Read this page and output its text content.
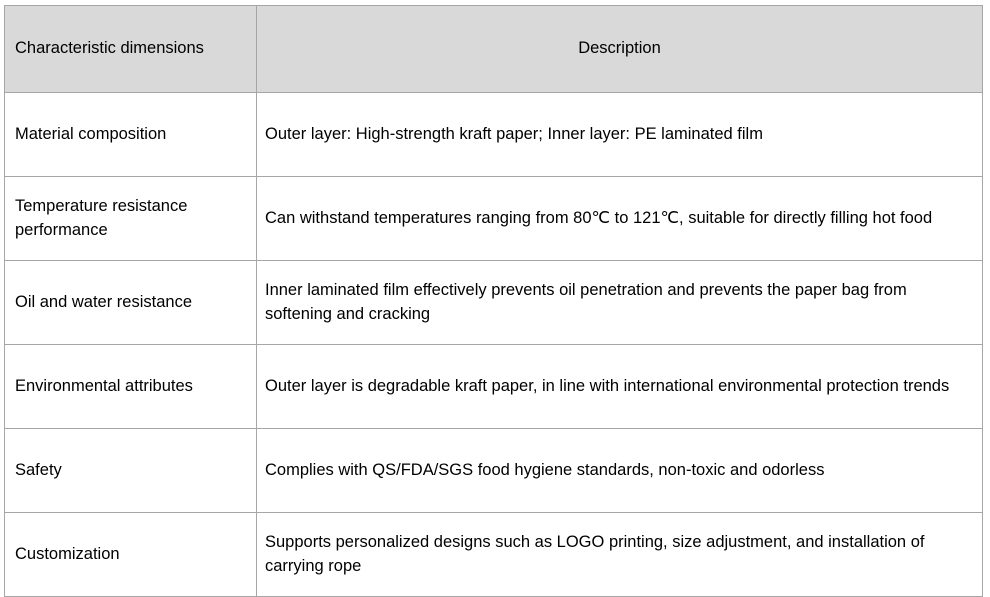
Characteristic dimensions	Description
Material composition	Outer layer: High-strength kraft paper; Inner layer: PE laminated film
Temperature resistance performance	Can withstand temperatures ranging from 80℃ to 121℃, suitable for directly filling hot food
Oil and water resistance	Inner laminated film effectively prevents oil penetration and prevents the paper bag from softening and cracking
Environmental attributes	Outer layer is degradable kraft paper, in line with international environmental protection trends
Safety	Complies with QS/FDA/SGS food hygiene standards, non-toxic and odorless
Customization	Supports personalized designs such as LOGO printing, size adjustment, and installation of carrying rope
